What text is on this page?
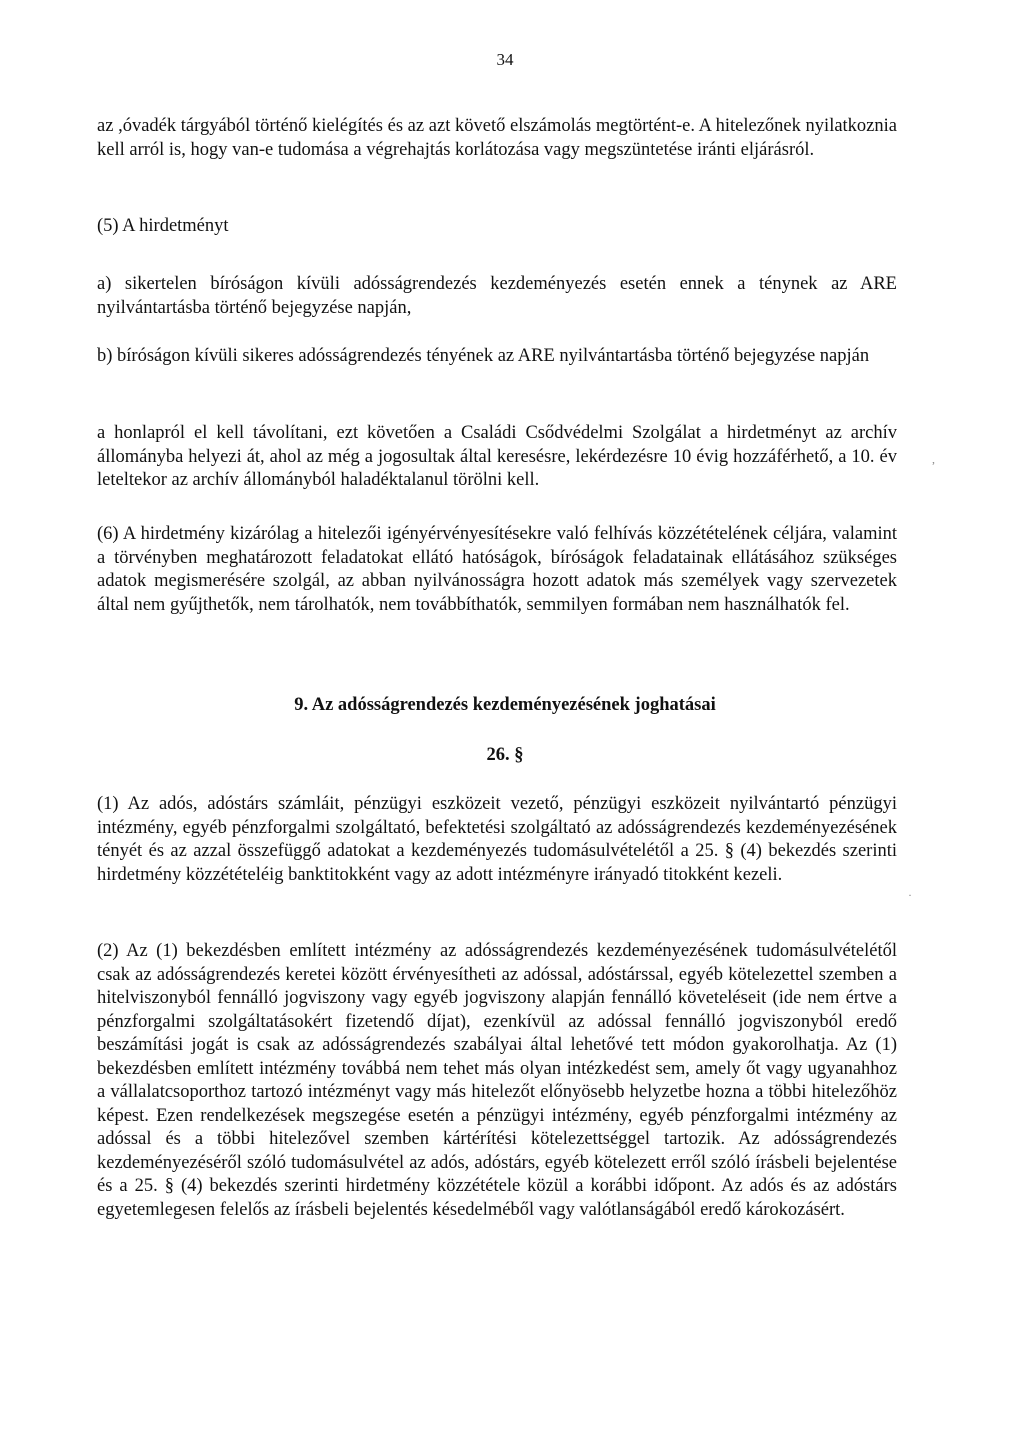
34

az ,óvadék tárgyából történő kielégítés és az azt követő elszámolás megtörtént-e. A hitelezőnek nyilatkoznia kell arról is, hogy van-e tudomása a végrehajtás korlátozása vagy megszüntetése iránti eljárásról.

(5) A hirdetményt

a) sikertelen bíróságon kívüli adósságrendezés kezdeményezés esetén ennek a ténynek az ARE nyilvántartásba történő bejegyzése napján,

b) bíróságon kívüli sikeres adósságrendezés tényének az ARE nyilvántartásba történő bejegyzése napján

a honlapról el kell távolítani, ezt követően a Családi Csődvédelmi Szolgálat a hirdetményt az archív állományba helyezi át, ahol az még a jogosultak által keresésre, lekérdezésre 10 évig hozzáférhető, a 10. év leteltekor az archív állományból haladéktalanul törölni kell.

(6) A hirdetmény kizárólag a hitelezői igényérvényesítésekre való felhívás közzétételének céljára, valamint a törvényben meghatározott feladatokat ellátó hatóságok, bíróságok feladatainak ellátásához szükséges adatok megismerésére szolgál, az abban nyilvánosságra hozott adatok más személyek vagy szervezetek által nem gyűjthetők, nem tárolhatók, nem továbbíthatók, semmilyen formában nem használhatók fel.

9. Az adósságrendezés kezdeményezésének joghatásai
26. §

(1) Az adós, adóstárs számláit, pénzügyi eszközeit vezető, pénzügyi eszközeit nyilvántartó pénzügyi intézmény, egyéb pénzforgalmi szolgáltató, befektetési szolgáltató az adósságrendezés kezdeményezésének tényét és az azzal összefüggő adatokat a kezdeményezés tudomásulvételétől a 25. § (4) bekezdés szerinti hirdetmény közzétételéig banktitokként vagy az adott intézményre irányadó titokként kezeli.

(2) Az (1) bekezdésben említett intézmény az adósságrendezés kezdeményezésének tudomásulvételétől csak az adósságrendezés keretei között érvényesítheti az adóssal, adóstárssal, egyéb kötelezettel szemben a hitelviszonyból fennálló jogviszony vagy egyéb jogviszony alapján fennálló követeléseit (ide nem értve a pénzforgalmi szolgáltatásokért fizetendő díjat), ezenkívül az adóssal fennálló jogviszonyból eredő beszámítási jogát is csak az adósságrendezés szabályai által lehetővé tett módon gyakorolhatja. Az (1) bekezdésben említett intézmény továbbá nem tehet más olyan intézkedést sem, amely őt vagy ugyanahhoz a vállalatcsoporthoz tartozó intézményt vagy más hitelezőt előnyösebb helyzetbe hozna a többi hitelezőhöz képest. Ezen rendelkezések megszegése esetén a pénzügyi intézmény, egyéb pénzforgalmi intézmény az adóssal és a többi hitelezővel szemben kártérítési kötelezettséggel tartozik. Az adósságrendezés kezdeményezéséről szóló tudomásulvétel az adós, adóstárs, egyéb kötelezett erről szóló írásbeli bejelentése és a 25. § (4) bekezdés szerinti hirdetmény közzététele közül a korábbi időpont. Az adós és az adóstárs egyetemlegesen felelős az írásbeli bejelentés késedelméből vagy valótlanságából eredő károkozásért.

·
,
